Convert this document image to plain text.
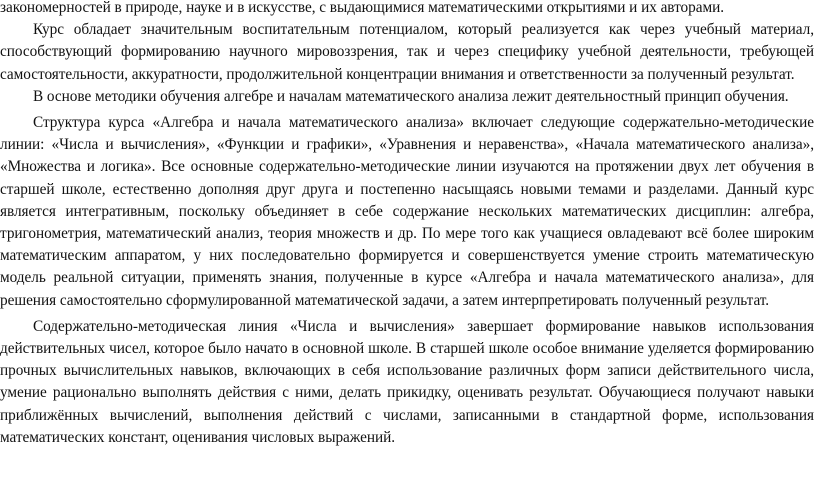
закономерностей в природе, науке и в искусстве, с выдающимися математическими открытиями и их авторами.

Курс обладает значительным воспитательным потенциалом, который реализуется как через учебный материал, способствующий формированию научного мировоззрения, так и через специфику учебной деятельности, требующей самостоятельности, аккуратности, продолжительной концентрации внимания и ответственности за полученный результат.

В основе методики обучения алгебре и началам математического анализа лежит деятельностный принцип обучения.

Структура курса «Алгебра и начала математического анализа» включает следующие содержательно-методические линии: «Числа и вычисления», «Функции и графики», «Уравнения и неравенства», «Начала математического анализа», «Множества и логика». Все основные содержательно-методические линии изучаются на протяжении двух лет обучения в старшей школе, естественно дополняя друг друга и постепенно насыщаясь новыми темами и разделами. Данный курс является интегративным, поскольку объединяет в себе содержание нескольких математических дисциплин: алгебра, тригонометрия, математический анализ, теория множеств и др. По мере того как учащиеся овладевают всё более широким математическим аппаратом, у них последовательно формируется и совершенствуется умение строить математическую модель реальной ситуации, применять знания, полученные в курсе «Алгебра и начала математического анализа», для решения самостоятельно сформулированной математической задачи, а затем интерпретировать полученный результат.

Содержательно-методическая линия «Числа и вычисления» завершает формирование навыков использования действительных чисел, которое было начато в основной школе. В старшей школе особое внимание уделяется формированию прочных вычислительных навыков, включающих в себя использование различных форм записи действительного числа, умение рационально выполнять действия с ними, делать прикидку, оценивать результат. Обучающиеся получают навыки приближённых вычислений, выполнения действий с числами, записанными в стандартной форме, использования математических констант, оценивания числовых выражений.
